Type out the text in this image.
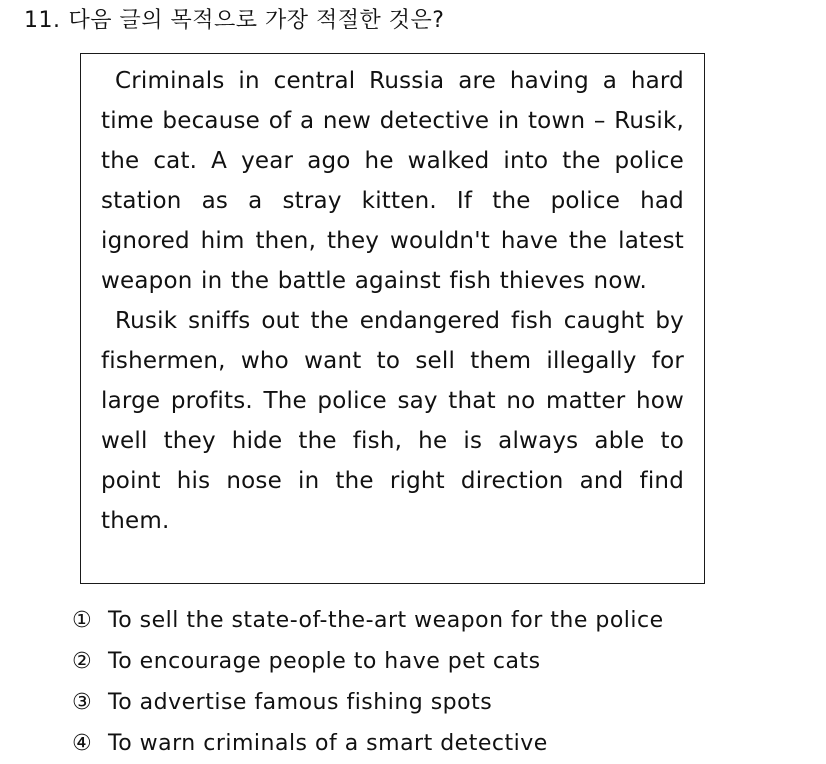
11. 다음 글의 목적으로 가장 적절한 것은?

Criminals in central Russia are having a hard time because of a new detective in town – Rusik, the cat. A year ago he walked into the police station as a stray kitten. If the police had ignored him then, they wouldn't have the latest weapon in the battle against fish thieves now.

Rusik sniffs out the endangered fish caught by fishermen, who want to sell them illegally for large profits. The police say that no matter how well they hide the fish, he is always able to point his nose in the right direction and find them.

① To sell the state-of-the-art weapon for the police
② To encourage people to have pet cats
③ To advertise famous fishing spots
④ To warn criminals of a smart detective
